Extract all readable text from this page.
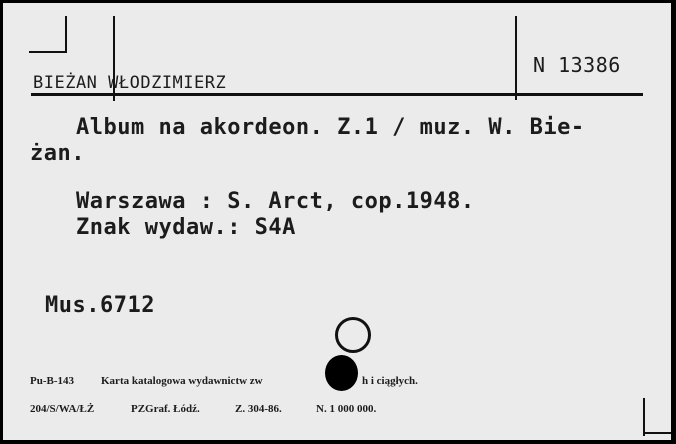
BIEŻAN WŁODZIMIERZ
N 13386
Album na akordeon. Z.1 / muz. W. Bie-
żan.
Warszawa : S. Arct, cop.1948.
Znak wydaw.: S4A
Mus.6712
Pu-B-143 Karta katalogowa wydawnictw zw	h i ciągłych.
204/S/WA/ŁŻ	PZGraf. Łódź.	Z. 304-86.	N. 1 000 000.
